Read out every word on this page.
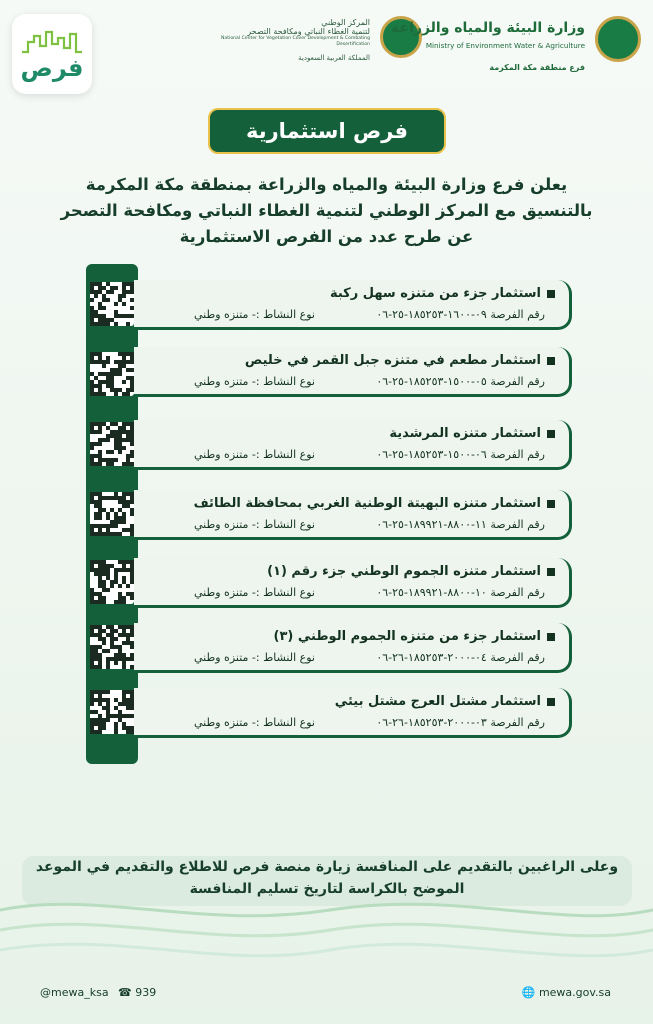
فرص
المركز الوطني
لتنمية الغطاء النباتي ومكافحة التصحر
National Center for Vegetation Cover Development & Combating Desertification
المملكة العربية السعودية
وزارة البيئة والمياه والزراعة
Ministry of Environment Water & Agriculture
فرع منطقة مكة المكرمة
فرص استثمارية
يعلن فرع وزارة البيئة والمياه والزراعة بمنطقة مكة المكرمة
بالتنسيق مع المركز الوطني لتنمية الغطاء النباتي ومكافحة التصحر
عن طرح عدد من الفرص الاستثمارية
استثمار جزء من متنزه سهل ركبة
رقم الفرصة ٠٩-١٦٠٠-١٨٥٢٥٣-٢٥-٠٦
نوع النشاط :- متنزه وطني
استثمار مطعم في متنزه جبل القمر في خليص
رقم الفرصة ٠٥-١٥٠٠-١٨٥٢٥٣-٢٥-٠٦
نوع النشاط :- متنزه وطني
استثمار متنزه المرشدية
رقم الفرصة ٠٦-١٥٠٠-١٨٥٢٥٣-٢٥-٠٦
نوع النشاط :- متنزه وطني
استثمار متنزه البهيتة الوطنية الغربي بمحافظة الطائف
رقم الفرصة ١١-٨٨٠٠-١٨٩٩٢١-٢٥-٠٦
نوع النشاط :- متنزه وطني
استثمار متنزه الجموم الوطني جزء رقم (١)
رقم الفرصة ١٠-٨٨٠٠-١٨٩٩٢١-٢٥-٠٦
نوع النشاط :- متنزه وطني
استثمار جزء من متنزه الجموم الوطني (٣)
رقم الفرصة ٠٤-٢٠٠٠-١٨٥٢٥٣-٢٦-٠٦
نوع النشاط :- متنزه وطني
استثمار مشتل العرج مشتل بيئي
رقم الفرصة ٠٣-٢٠٠٠-١٨٥٢٥٣-٢٦-٠٦
نوع النشاط :- متنزه وطني
وعلى الراغبين بالتقديم على المنافسة زيارة منصة فرص للاطلاع والتقديم في الموعد
الموضح بالكراسة لتاريخ تسليم المنافسة
@mewa_ksa ☎ 939	🌐 mewa.gov.sa
